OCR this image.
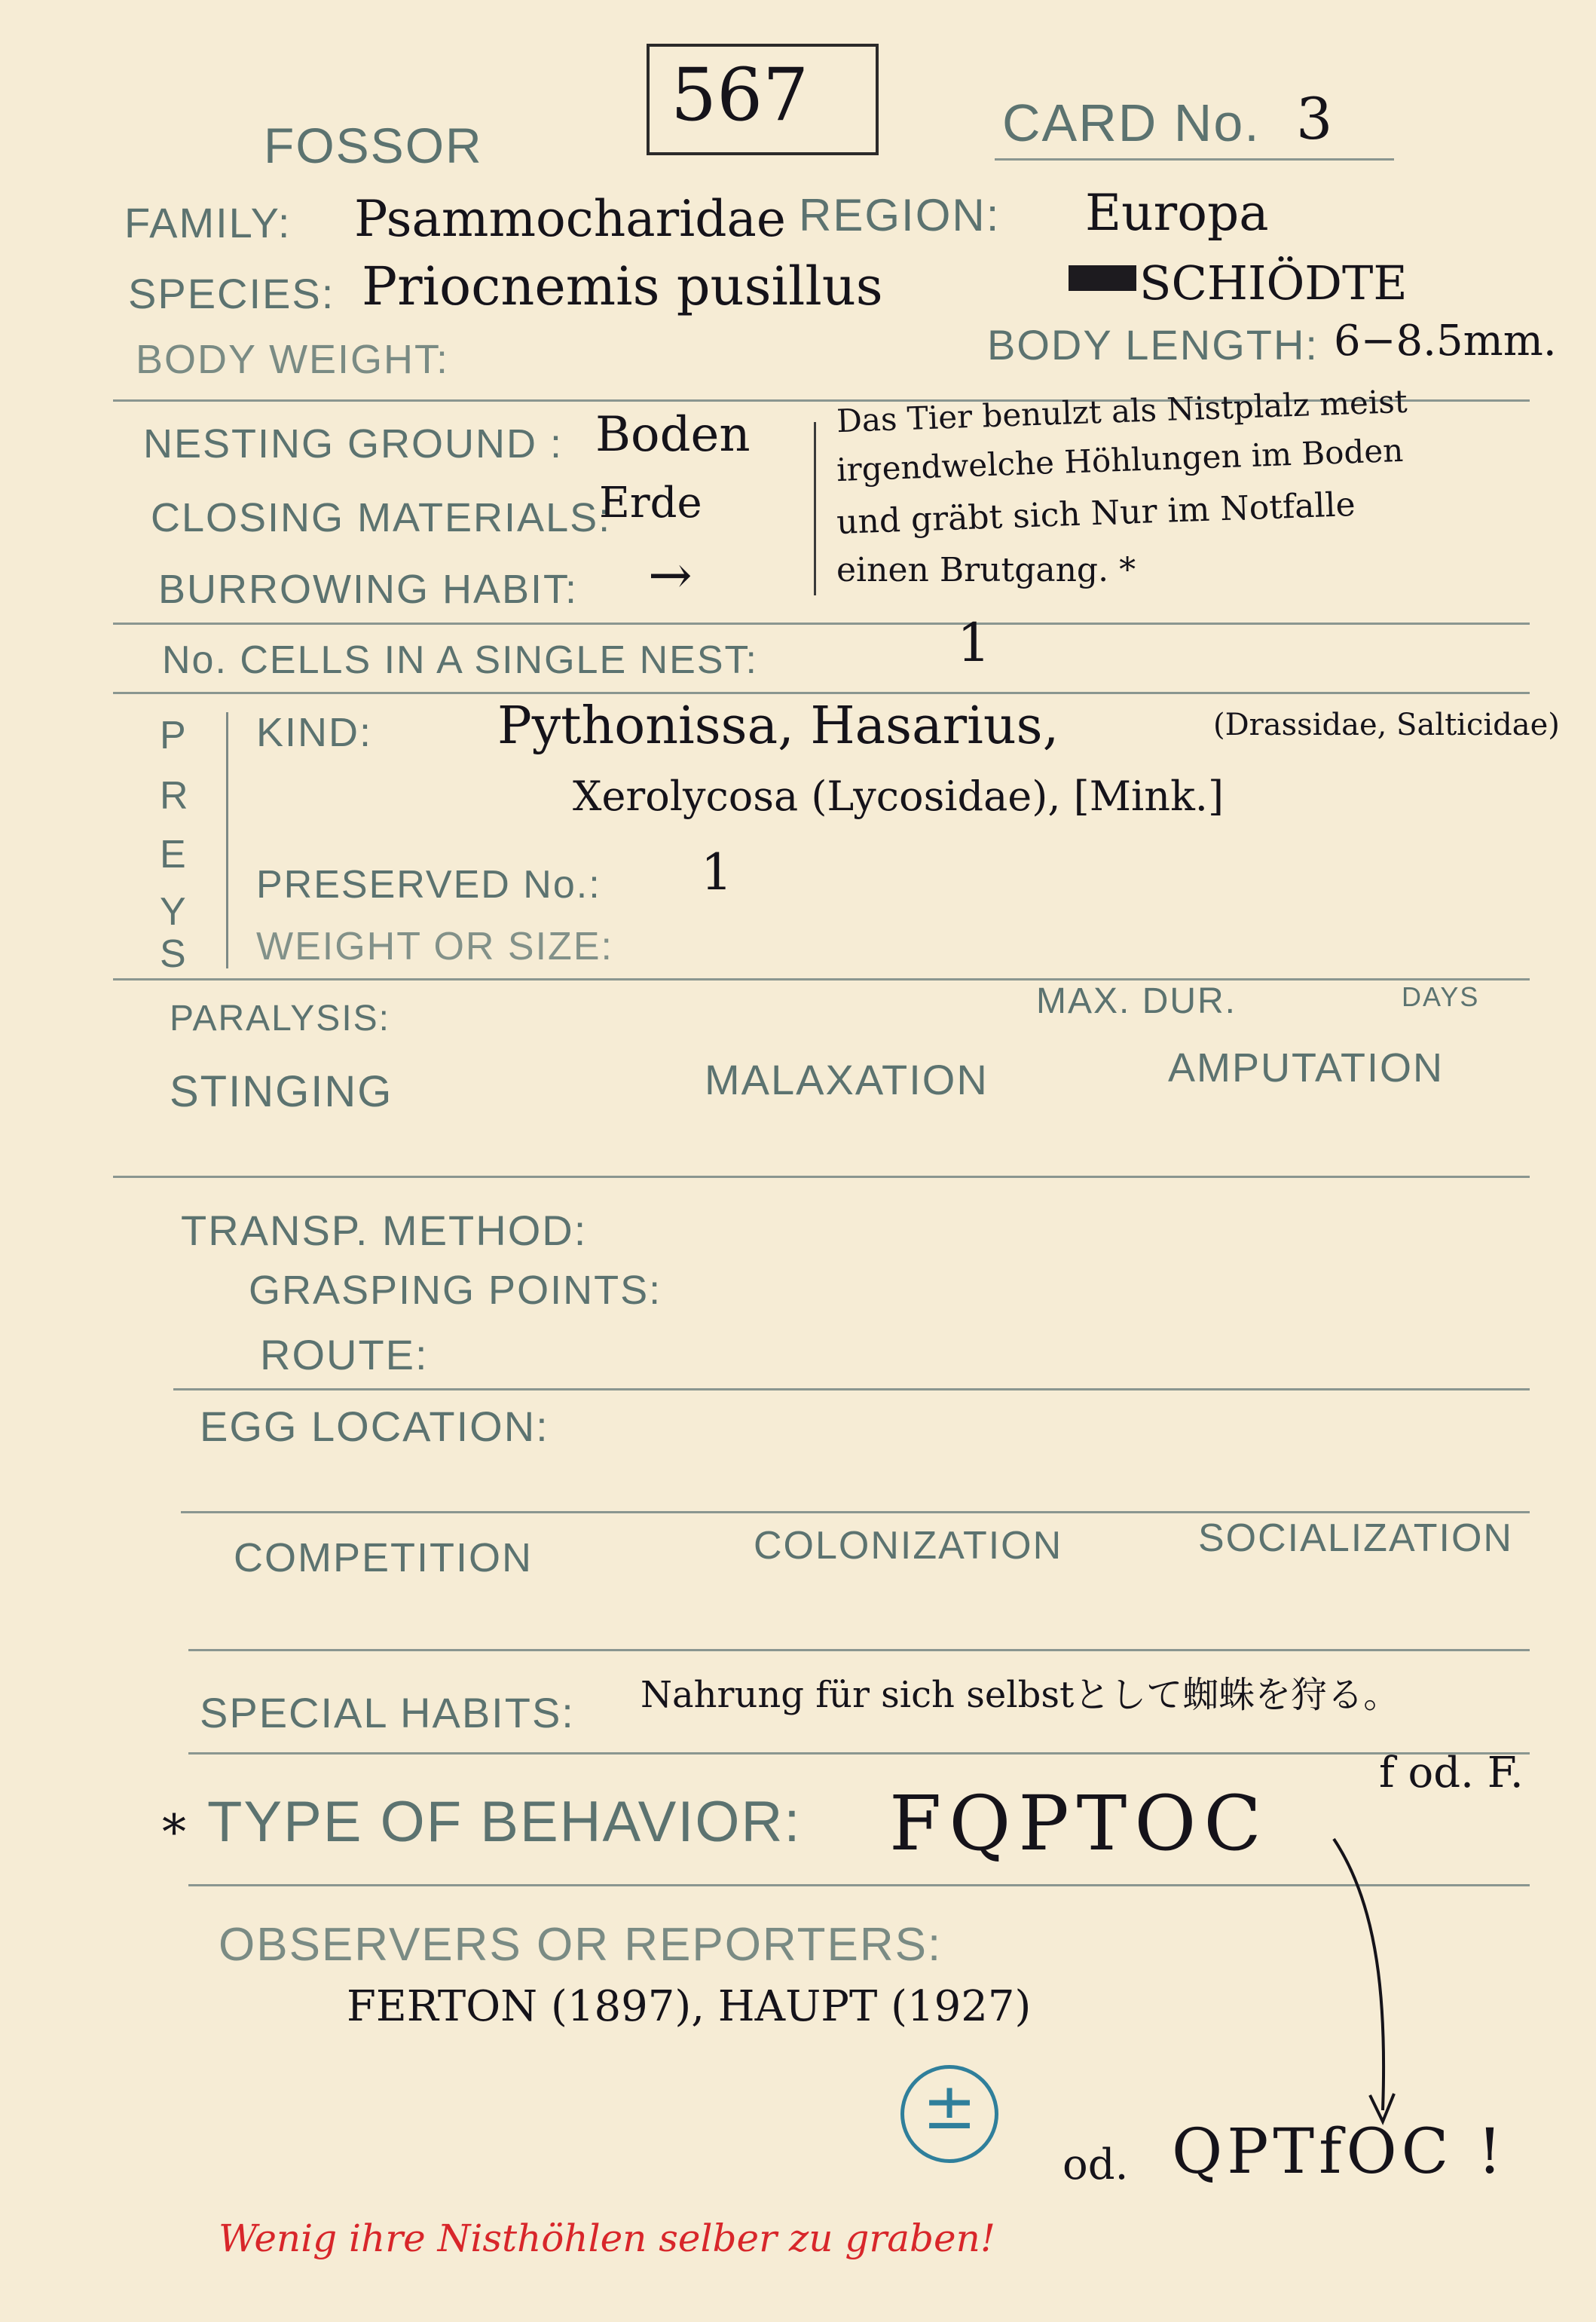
567
FOSSOR	CARD No. 3
FAMILY: Psammocharidae REGION: Europa
SPECIES: Priocnemis pusillus	SCHIÖDTE
BODY WEIGHT:	BODY LENGTH: 6−8.5mm.
NESTING GROUND : Boden
CLOSING MATERIALS:
Erde
BURROWING HABIT: →
Das Tier benulzt als Nistplalz meist
irgendwelche Höhlungen im Boden
und gräbt sich Nur im Notfalle
einen Brutgang. *
No. CELLS IN A SINGLE NEST:	1
P
R
E
Y
S
KIND: Pythonissa, Hasarius,	(Drassidae, Salticidae)
Xerolycosa (Lycosidae), [Mink.]
PRESERVED No.: 1
WEIGHT OR SIZE:
PARALYSIS:	MAX. DUR.	DAYS
STINGING	MALAXATION	AMPUTATION
TRANSP. METHOD:
GRASPING POINTS:
ROUTE:
EGG LOCATION:
COMPETITION	COLONIZATION	SOCIALIZATION
SPECIAL HABITS: Nahrung für sich selbstとして蜘蛛を狩る。
* TYPE OF BEHAVIOR: FQPTOC
f od. F.
OBSERVERS OR REPORTERS:
FERTON (1897), HAUPT (1927)
±
od. QPTfOC !
Wenig ihre Nisthöhlen selber zu graben!
